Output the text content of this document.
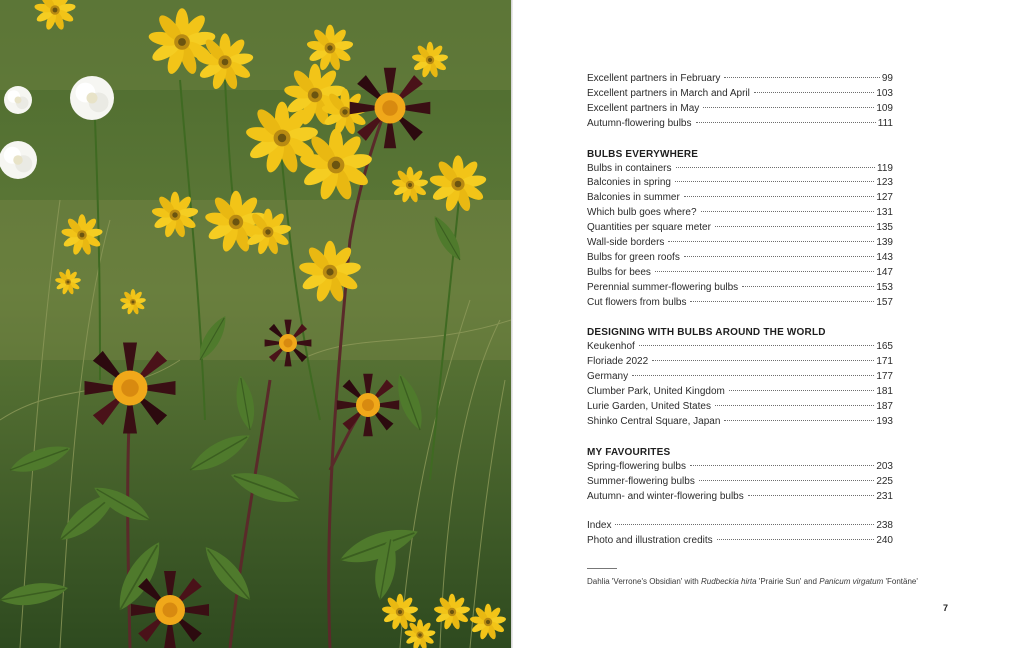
Excellent partners in February	99
Excellent partners in March and April	103
Excellent partners in May	109
Autumn-flowering bulbs	111
BULBS EVERYWHERE
Bulbs in containers	119
Balconies in spring	123
Balconies in summer	127
Which bulb goes where?	131
Quantities per square meter	135
Wall-side borders	139
Bulbs for green roofs	143
Bulbs for bees	147
Perennial summer-flowering bulbs	153
Cut flowers from bulbs	157
DESIGNING WITH BULBS AROUND THE WORLD
Keukenhof	165
Floriade 2022	171
Germany	177
Clumber Park, United Kingdom	181
Lurie Garden, United States	187
Shinko Central Square, Japan	193
MY FAVOURITES
Spring-flowering bulbs	203
Summer-flowering bulbs	225
Autumn- and winter-flowering bulbs	231
Index	238
Photo and illustration credits	240
Dahlia 'Verrone's Obsidian' with Rudbeckia hirta 'Prairie Sun' and Panicum virgatum 'Fontäne'
7
